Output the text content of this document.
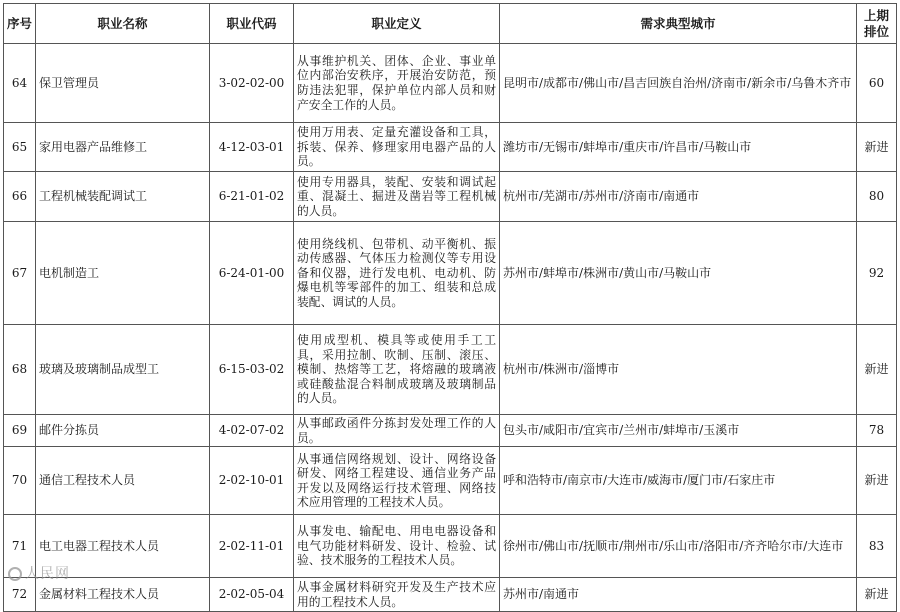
序号	职业名称	职业代码	职业定义	需求典型城市	上期
排位
64	保卫管理员	3-02-02-00	从事维护机关、团体、企业、事业单位内部治安秩序，开展治安防范，预防违法犯罪，保护单位内部人员和财产安全工作的人员。	昆明市/成都市/佛山市/昌吉回族自治州/济南市/新余市/乌鲁木齐市	60
65	家用电器产品维修工	4-12-03-01	使用万用表、定量充灌设备和工具，拆装、保养、修理家用电器产品的人员。	潍坊市/无锡市/蚌埠市/重庆市/许昌市/马鞍山市	新进
66	工程机械装配调试工	6-21-01-02	使用专用器具，装配、安装和调试起重、混凝土、掘进及凿岩等工程机械的人员。	杭州市/芜湖市/苏州市/济南市/南通市	80
67	电机制造工	6-24-01-00	使用绕线机、包带机、动平衡机、振动传感器、气体压力检测仪等专用设备和仪器，进行发电机、电动机、防爆电机等零部件的加工、组装和总成装配、调试的人员。	苏州市/蚌埠市/株洲市/黄山市/马鞍山市	92
68	玻璃及玻璃制品成型工	6-15-03-02	使用成型机、模具等或使用手工工具，采用拉制、吹制、压制、滚压、模制、热熔等工艺，将熔融的玻璃液或硅酸盐混合料制成玻璃及玻璃制品的人员。	杭州市/株洲市/淄博市	新进
69	邮件分拣员	4-02-07-02	从事邮政函件分拣封发处理工作的人员。	包头市/咸阳市/宜宾市/兰州市/蚌埠市/玉溪市	78
70	通信工程技术人员	2-02-10-01	从事通信网络规划、设计、网络设备研发、网络工程建设、通信业务产品开发以及网络运行技术管理、网络技术应用管理的工程技术人员。	呼和浩特市/南京市/大连市/威海市/厦门市/石家庄市	新进
71	电工电器工程技术人员	2-02-11-01	从事发电、输配电、用电电器设备和电气功能材料研发、设计、检验、试验、技术服务的工程技术人员。	徐州市/佛山市/抚顺市/荆州市/乐山市/洛阳市/齐齐哈尔市/大连市	83
72	金属材料工程技术人员	2-02-05-04	从事金属材料研究开发及生产技术应用的工程技术人员。	苏州市/南通市	新进
人民网
